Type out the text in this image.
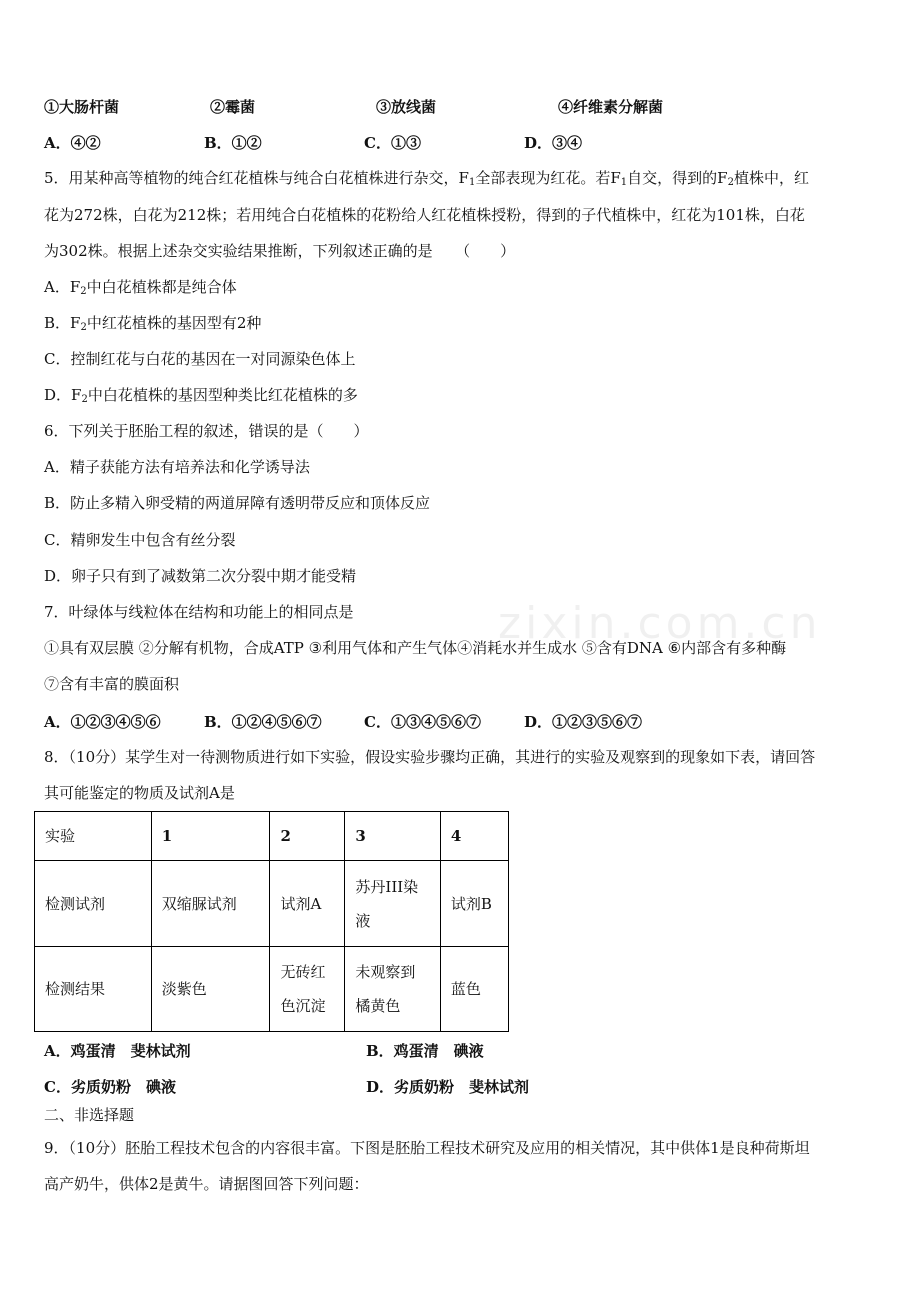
zixin.com.cn
①大肠杆菌	②霉菌	③放线菌	④纤维素分解菌
A．④②	B．①②	C．①③	D．③④
5．用某种高等植物的纯合红花植株与纯合白花植株进行杂交，$F_1$全部表现为红花。若$F_1$自交，得到的$F_2$植株中，红
花为272株，白花为212株；若用纯合白花植株的花粉给人红花植株授粉，得到的子代植株中，红花为101株，白花
为302株。根据上述杂交实验结果推断，下列叙述正确的是　　（　　）
A．$F_2$中白花植株都是纯合体
B．$F_2$中红花植株的基因型有2种
C．控制红花与白花的基因在一对同源染色体上
D．$F_2$中白花植株的基因型种类比红花植株的多
6．下列关于胚胎工程的叙述，错误的是（　　）
A．精子获能方法有培养法和化学诱导法
B．防止多精入卵受精的两道屏障有透明带反应和顶体反应
C．精卵发生中包含有丝分裂
D．卵子只有到了减数第二次分裂中期才能受精
7．叶绿体与线粒体在结构和功能上的相同点是
①具有双层膜 ②分解有机物，合成ATP ③利用气体和产生气体④消耗水并生成水 ⑤含有DNA ⑥内部含有多种酶
⑦含有丰富的膜面积
A．①②③④⑤⑥	B．①②④⑤⑥⑦	C．①③④⑤⑥⑦	D．①②③⑤⑥⑦
8．（10分）某学生对一待测物质进行如下实验，假设实验步骤均正确，其进行的实验及观察到的现象如下表，请回答
其可能鉴定的物质及试剂A是
实验	1	2	3	4
检测试剂	双缩脲试剂	试剂A	苏丹III染液	试剂B
检测结果	淡紫色	无砖红色沉淀	未观察到橘黄色	蓝色
A．鸡蛋清　斐林试剂	B．鸡蛋清　碘液
C．劣质奶粉　碘液	D．劣质奶粉　斐林试剂
二、非选择题
9．（10分）胚胎工程技术包含的内容很丰富。下图是胚胎工程技术研究及应用的相关情况，其中供体1是良种荷斯坦
高产奶牛，供体2是黄牛。请据图回答下列问题：
